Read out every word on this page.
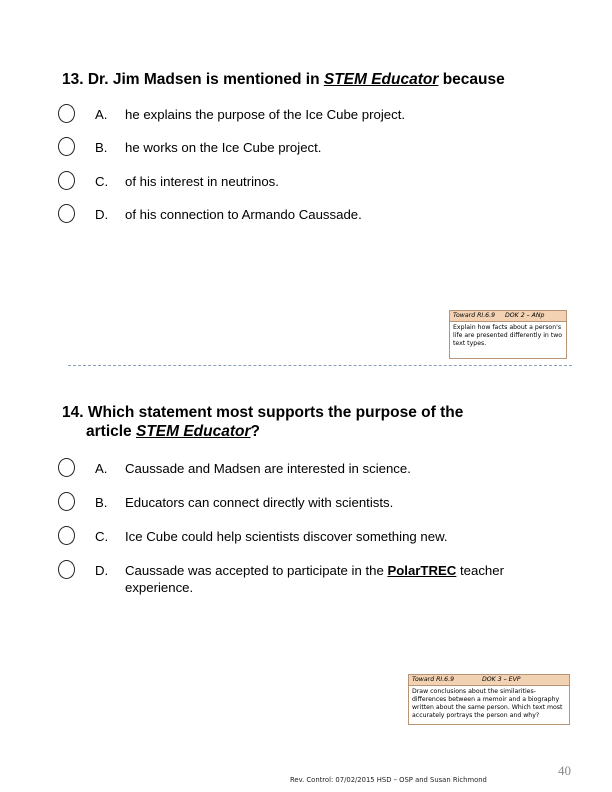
13. Dr. Jim Madsen is mentioned in STEM Educator because
A. he explains the purpose of the Ice Cube project.
B. he works on the Ice Cube project.
C. of his interest in neutrinos.
D. of his connection to Armando Caussade.
Toward RI.6.9 DOK 2 – ANp
Explain how facts about a person's life are presented differently in two text types.
14. Which statement most supports the purpose of the
article STEM Educator?
A. Caussade and Madsen are interested in science.
B. Educators can connect directly with scientists.
C. Ice Cube could help scientists discover something new.
D. Caussade was accepted to participate in the PolarTREC teacher experience.
Toward RI.6.9	DOK 3 – EVP
Draw conclusions about the similarities-differences between a memoir and a biography written about the same person. Which text most accurately portrays the person and why?
Rev. Control: 07/02/2015 HSD – OSP and Susan Richmond
40
